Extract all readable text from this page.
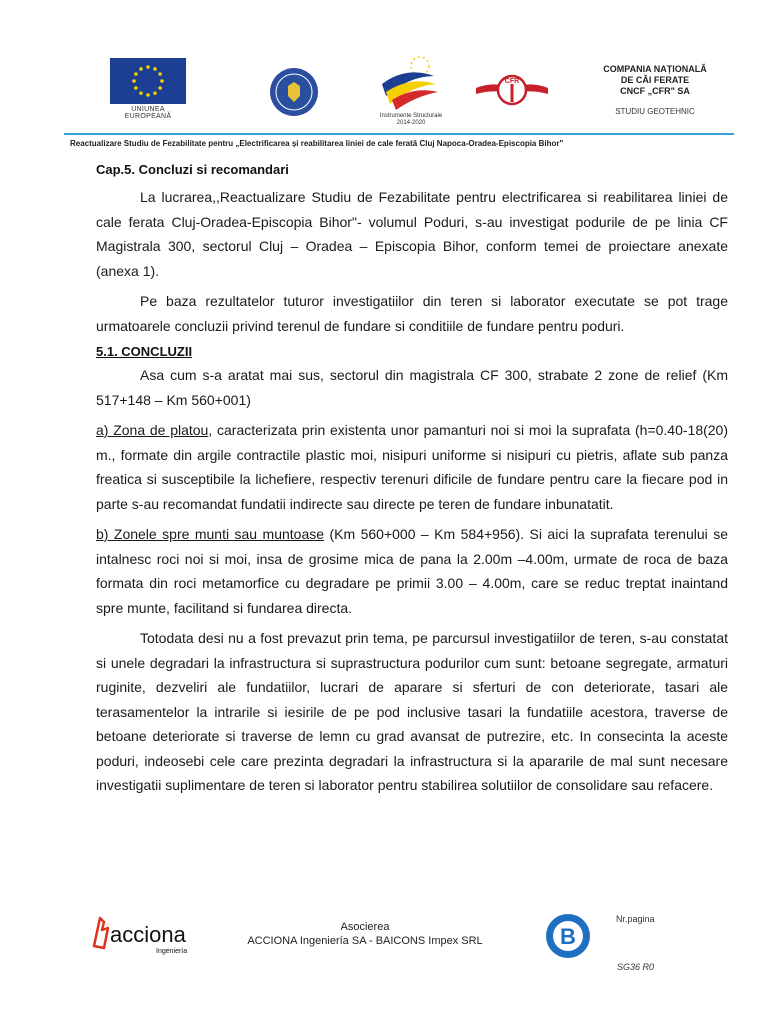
UNIUNEA EUROPEANĂ	Instrumente Structurale
2014-2020
CFR
COMPANIA NAȚIONALĂ
DE CĂI FERATE
CNCF „CFR" SA
STUDIU GEOTEHNIC
Reactualizare Studiu de Fezabilitate pentru „Electrificarea și reabilitarea liniei de cale ferată Cluj Napoca-Oradea-Episcopia Bihor"
Cap.5. Concluzi si recomandari

La lucrarea,,Reactualizare Studiu de Fezabilitate pentru electrificarea si reabilitarea liniei de cale ferata Cluj-Oradea-Episcopia Bihor"- volumul Poduri, s-au investigat podurile de pe linia CF Magistrala 300, sectorul Cluj – Oradea – Episcopia Bihor, conform temei de proiectare anexate (anexa 1).

Pe baza rezultatelor tuturor investigatiilor din teren si laborator executate se pot trage urmatoarele concluzii privind terenul de fundare si conditiile de fundare pentru poduri.

5.1. CONCLUZII

Asa cum s-a aratat mai sus, sectorul din magistrala CF 300, strabate 2 zone de relief (Km 517+148 – Km 560+001)

a) Zona de platou, caracterizata prin existenta unor pamanturi noi si moi la suprafata (h=0.40-18(20) m., formate din argile contractile plastic moi, nisipuri uniforme si nisipuri cu pietris, aflate sub panza freatica si susceptibile la lichefiere, respectiv terenuri dificile de fundare pentru care la fiecare pod in parte s-au recomandat fundatii indirecte sau directe pe teren de fundare inbunatatit.

b) Zonele spre munti sau muntoase (Km 560+000 – Km 584+956). Si aici la suprafata terenului se intalnesc roci noi si moi, insa de grosime mica de pana la 2.00m –4.00m, urmate de roca de baza formata din roci metamorfice cu degradare pe primii 3.00 – 4.00m, care se reduc treptat inaintand spre munte, facilitand si fundarea directa.

Totodata desi nu a fost prevazut prin tema, pe parcursul investigatiilor de teren, s-au constatat si unele degradari la infrastructura si suprastructura podurilor cum sunt: betoane segregate, armaturi ruginite, dezveliri ale fundatiilor, lucrari de aparare si sferturi de con deteriorate, tasari ale terasamentelor la intrarile si iesirile de pe pod inclusive tasari la fundatiile acestora, traverse de betoane deteriorate si traverse de lemn cu grad avansat de putrezire, etc. In consecinta la aceste poduri, indeosebi cele care prezinta degradari la infrastructura si la apararile de mal sunt necesare investigatii suplimentare de teren si laborator pentru stabilirea solutiilor de consolidare sau refacere.

acciona
Ingeniería
Asocierea
ACCIONA Ingeniería SA - BAICONS Impex SRL	B
Nr.pagina
SG36 R0
